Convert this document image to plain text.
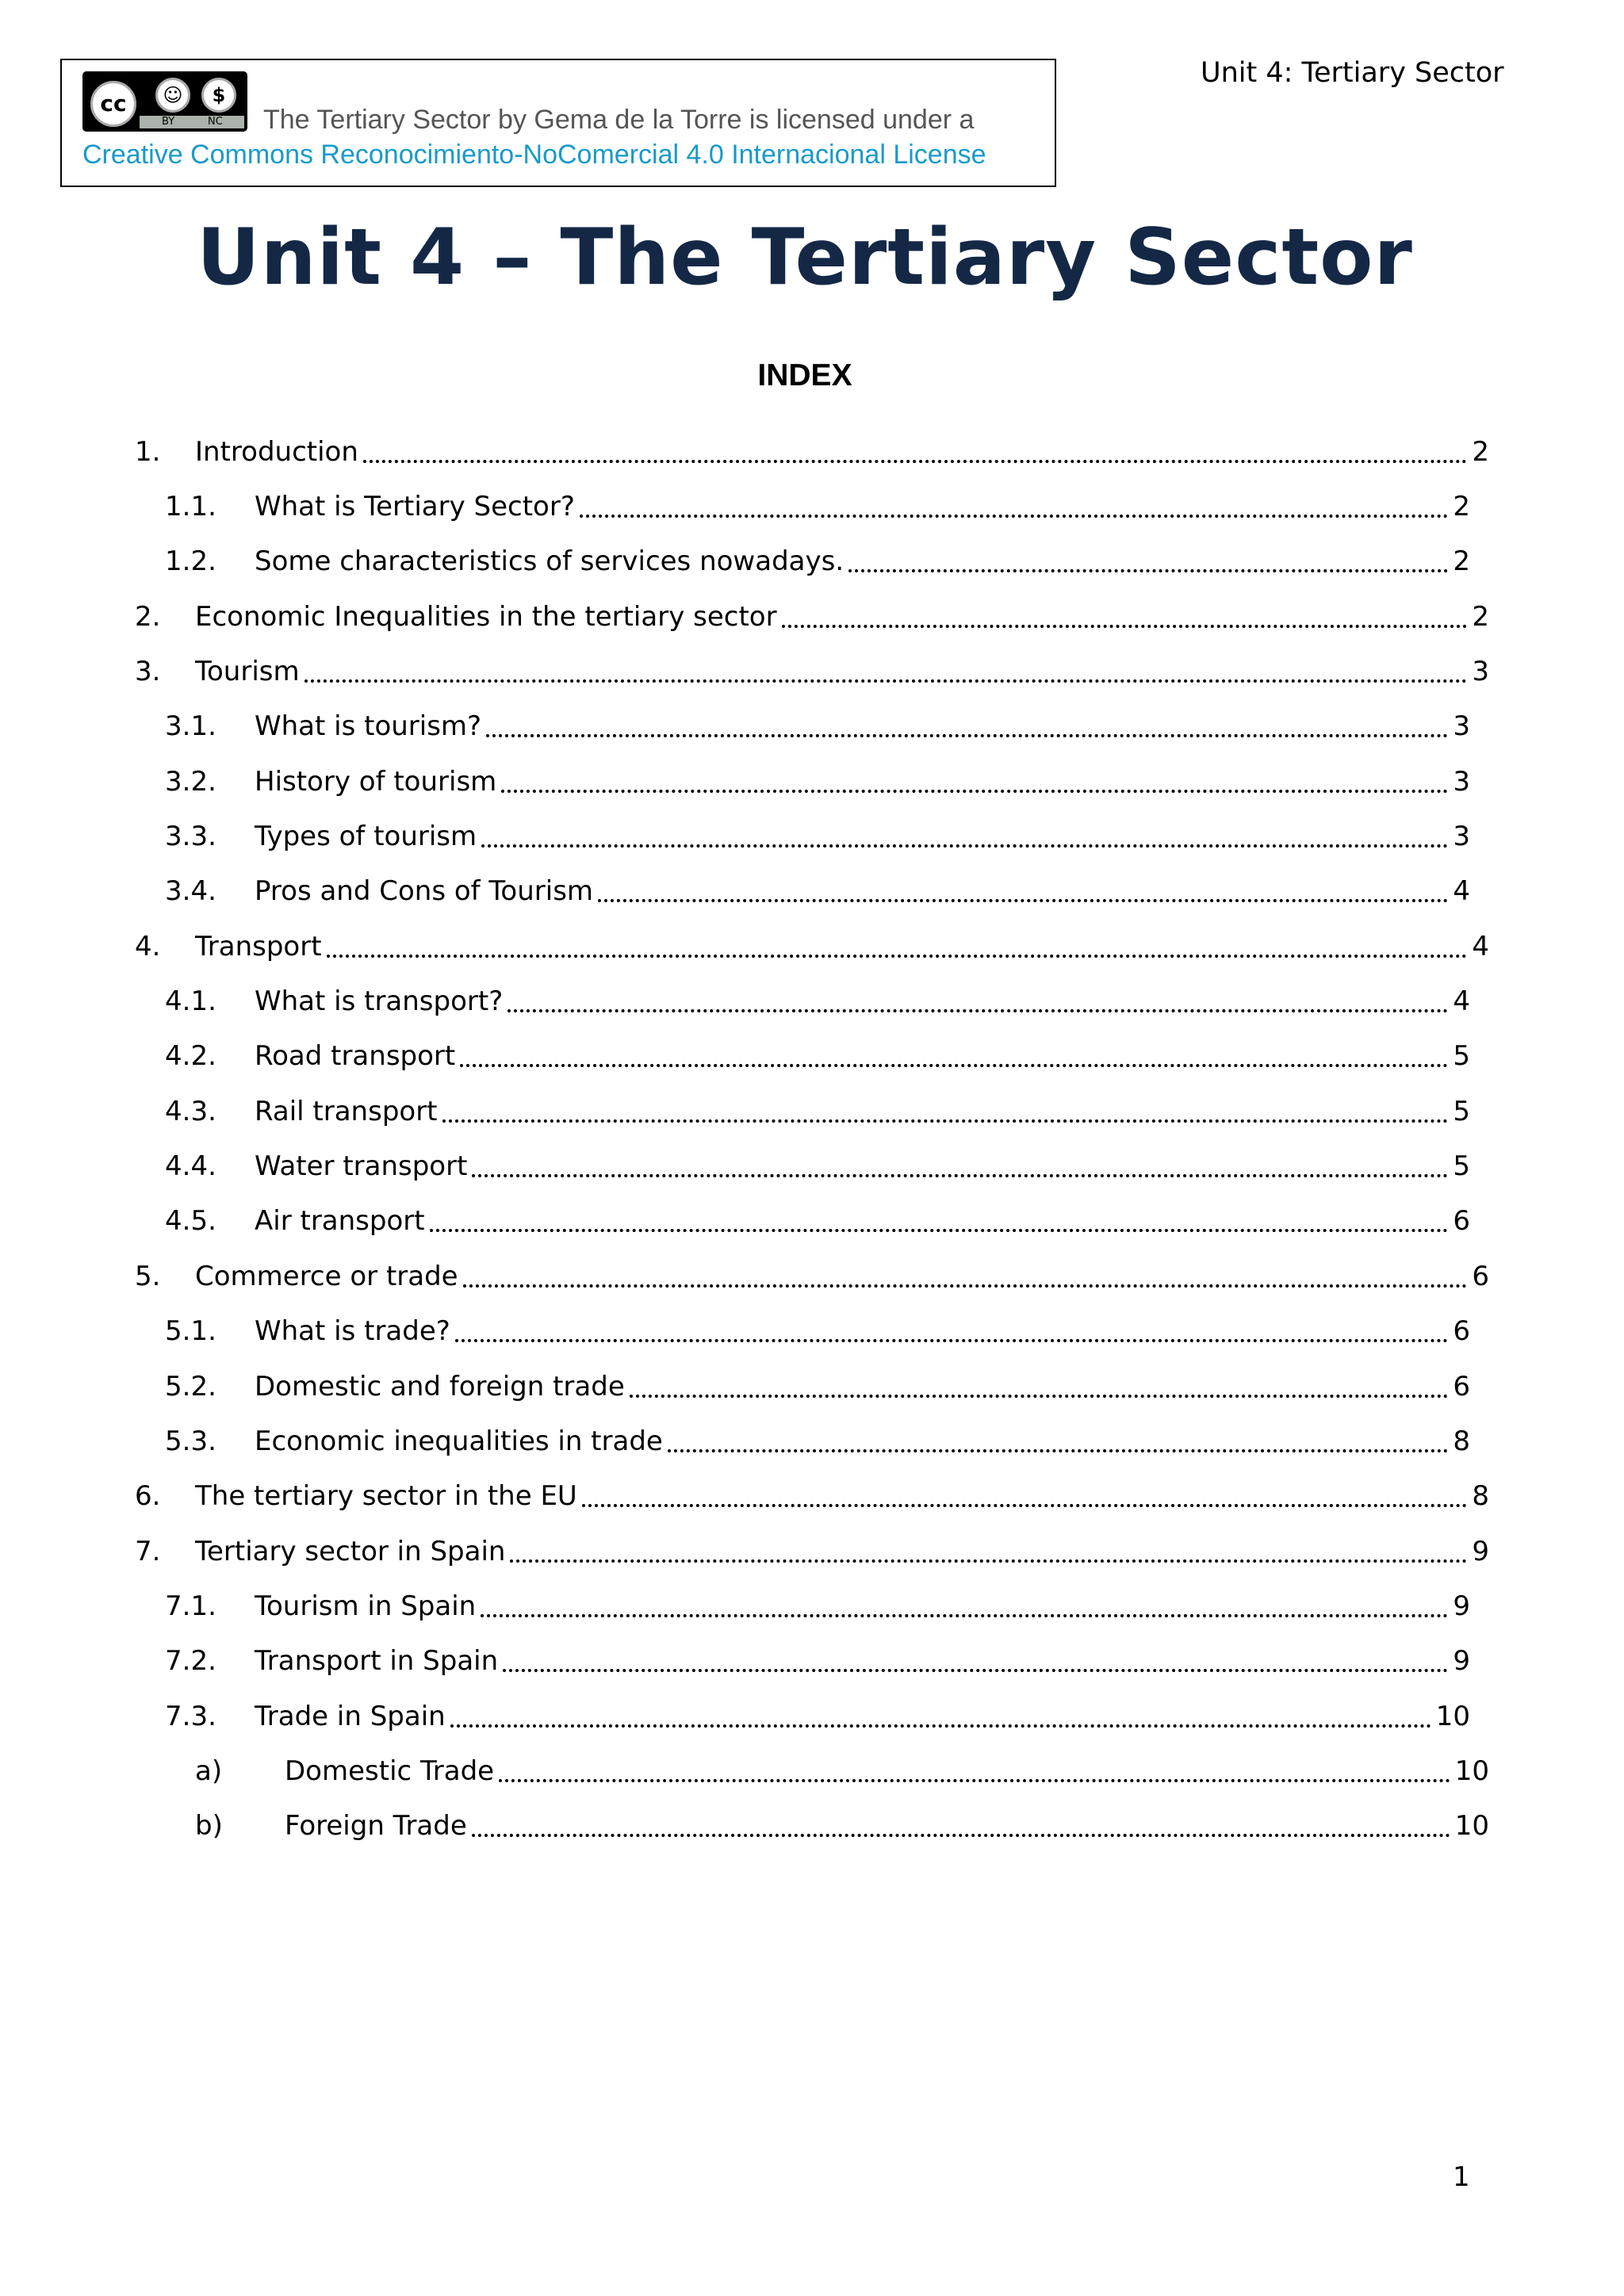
cc	☺	$
BY	NC The Tertiary Sector by Gema de la Torre is licensed under a
Creative Commons Reconocimiento-NoComercial 4.0 Internacional License
Unit 4: Tertiary Sector
Unit 4 – The Tertiary Sector
INDEX
1.	Introduction	2
1.1.	What is Tertiary Sector?	2
1.2.	Some characteristics of services nowadays.	2
2.	Economic Inequalities in the tertiary sector	2
3.	Tourism	3
3.1.	What is tourism?	3
3.2.	History of tourism	3
3.3.	Types of tourism	3
3.4.	Pros and Cons of Tourism	4
4.	Transport	4
4.1.	What is transport?	4
4.2.	Road transport	5
4.3.	Rail transport	5
4.4.	Water transport	5
4.5.	Air transport	6
5.	Commerce or trade	6
5.1.	What is trade?	6
5.2.	Domestic and foreign trade	6
5.3.	Economic inequalities in trade	8
6.	The tertiary sector in the EU	8
7.	Tertiary sector in Spain	9
7.1.	Tourism in Spain	9
7.2.	Transport in Spain	9
7.3.	Trade in Spain	10
a)	Domestic Trade	10
b)	Foreign Trade	10
1
